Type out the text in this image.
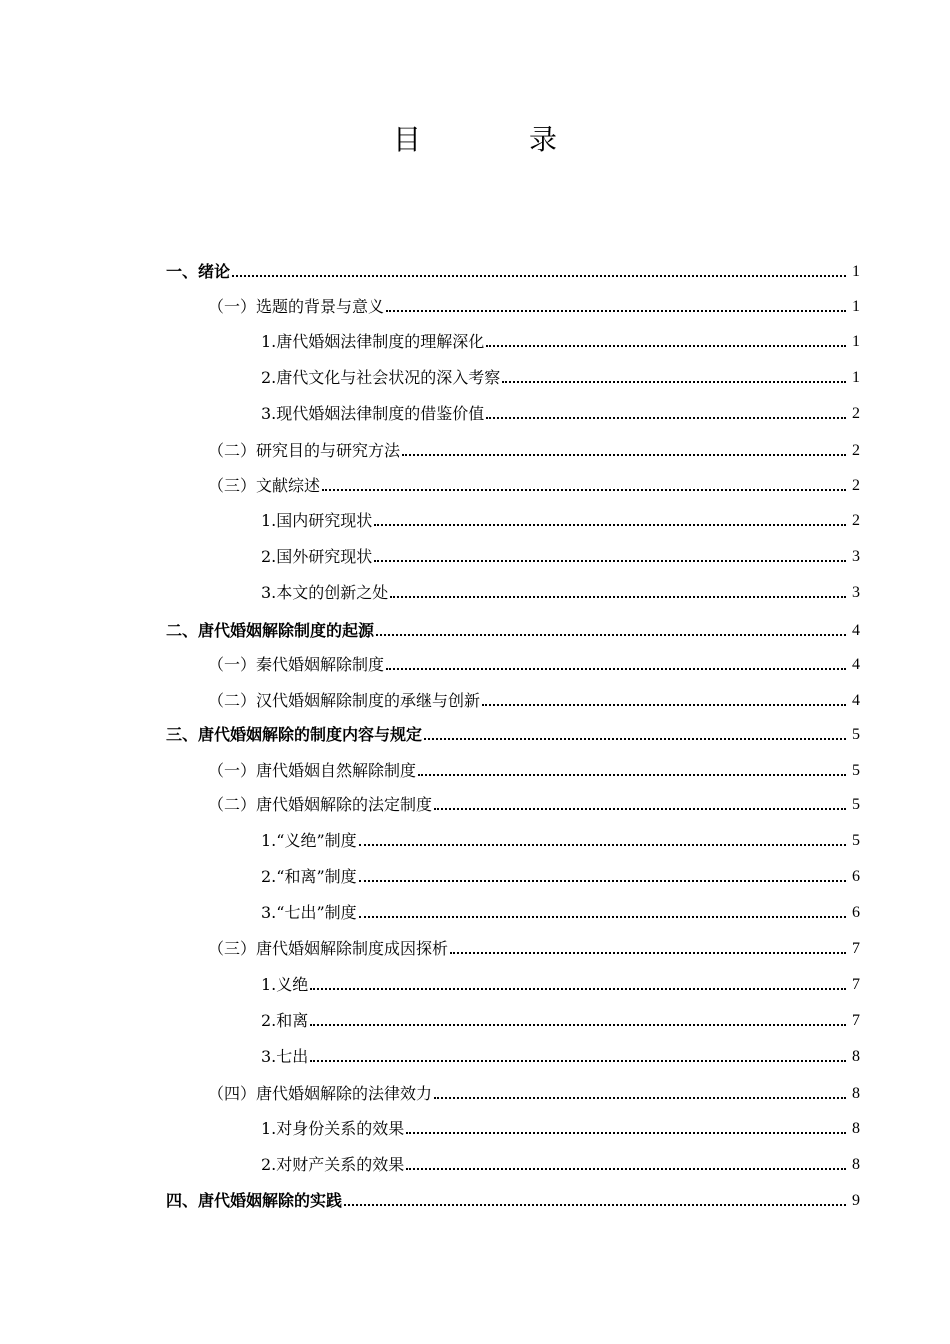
目　录
一、绪论	1
（一）选题的背景与意义	1
1.唐代婚姻法律制度的理解深化	1
2.唐代文化与社会状况的深入考察	1
3.现代婚姻法律制度的借鉴价值	2
（二）研究目的与研究方法	2
（三）文献综述	2
1.国内研究现状	2
2.国外研究现状	3
3.本文的创新之处	3
二、唐代婚姻解除制度的起源	4
（一）秦代婚姻解除制度	4
（二）汉代婚姻解除制度的承继与创新	4
三、唐代婚姻解除的制度内容与规定	5
（一）唐代婚姻自然解除制度	5
（二）唐代婚姻解除的法定制度	5
1.“义绝”制度	5
2.“和离”制度	6
3.“七出”制度	6
（三）唐代婚姻解除制度成因探析	7
1.义绝	7
2.和离	7
3.七出	8
（四）唐代婚姻解除的法律效力	8
1.对身份关系的效果	8
2.对财产关系的效果	8
四、唐代婚姻解除的实践	9
